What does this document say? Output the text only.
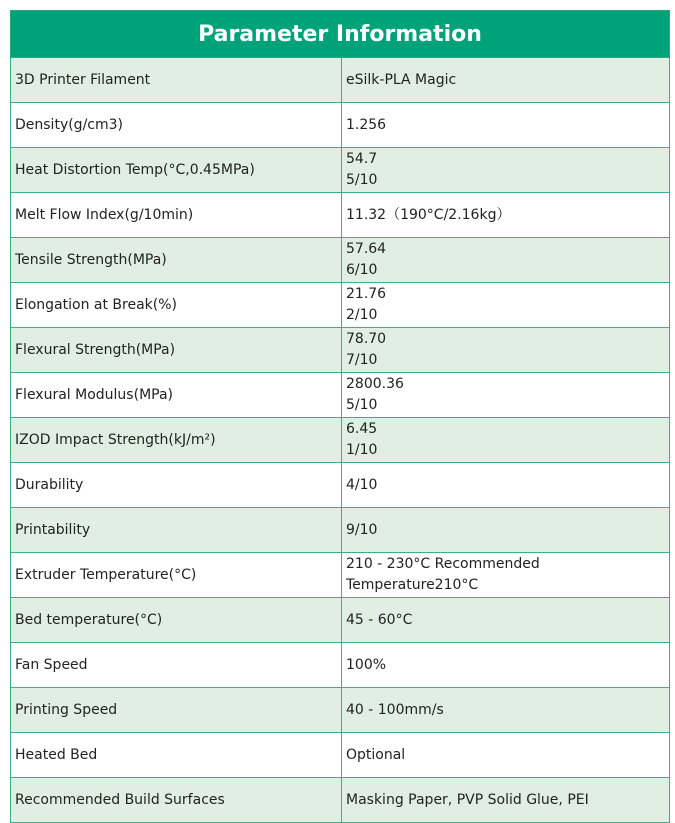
Parameter Information	
3D Printer Filament	eSilk-PLA Magic

Density(g/cm3)	1.256

Heat Distortion Temp(°C,0.45MPa)	54.7
5/10

Melt Flow Index(g/10min)	11.32（190°C/2.16kg）

Tensile Strength(MPa)	57.64
6/10

Elongation at Break(%)	21.76
2/10

Flexural Strength(MPa)	78.70
7/10

Flexural Modulus(MPa)	2800.36
5/10

IZOD Impact Strength(kJ/m²)	6.45
1/10

Durability	4/10

Printability	9/10

Extruder Temperature(°C)	210 - 230°C Recommended Temperature210°C

Bed temperature(°C)	45 - 60°C

Fan Speed	100%

Printing Speed	40 - 100mm/s

Heated Bed	Optional

Recommended Build Surfaces	Masking Paper, PVP Solid Glue, PEI
